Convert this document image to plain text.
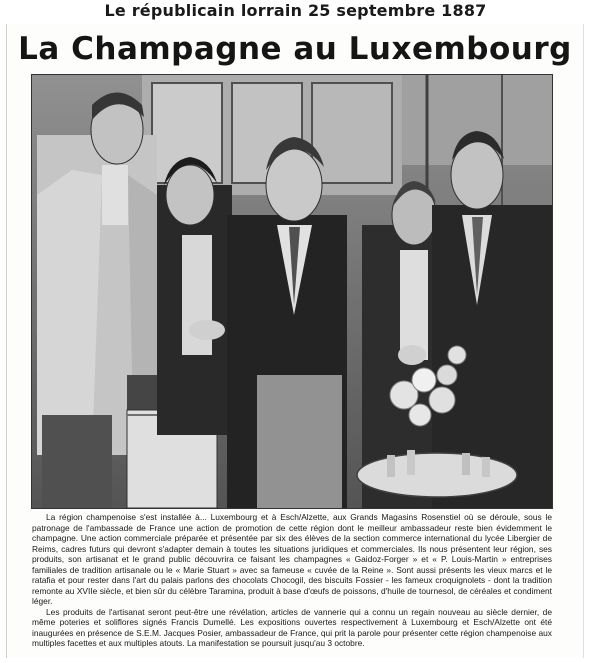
Le républicain lorrain 25 septembre 1887
La Champagne au Luxembourg

La région champenoise s'est installée à... Luxembourg et à Esch/Alzette, aux Grands Magasins Rosenstiel où se déroule, sous le patronage de l'ambassade de France une action de promotion de cette région dont le meilleur ambassadeur reste bien évidemment le champagne. Une action commerciale préparée et présentée par six des élèves de la section commerce international du lycée Libergier de Reims, cadres futurs qui devront s'adapter demain à toutes les situations juridiques et commerciales. Ils nous présentent leur région, ses produits, son artisanat et le grand public découvrira ce faisant les champagnes « Gaidoz-Forger » et « P. Louis-Martin » entreprises familiales de tradition artisanale ou le « Marie Stuart » avec sa fameuse « cuvée de la Reine ». Sont aussi présents les vieux marcs et le ratafia et pour rester dans l'art du palais parlons des chocolats Chocogil, des biscuits Fossier - les fameux croquignolets - dont la tradition remonte au XVIIe siècle, et bien sûr du célèbre Taramina, produit à base d'œufs de poissons, d'huile de tournesol, de céréales et condiment léger.

Les produits de l'artisanat seront peut-être une révélation, articles de vannerie qui a connu un regain nouveau au siècle dernier, de même poteries et soliflores signés Francis Dumellé. Les expositions ouvertes respectivement à Luxembourg et Esch/Alzette ont été inaugurées en présence de S.E.M. Jacques Posier, ambassadeur de France, qui prit la parole pour présenter cette région champenoise aux multiples facettes et aux multiples atouts. La manifestation se poursuit jusqu'au 3 octobre.
